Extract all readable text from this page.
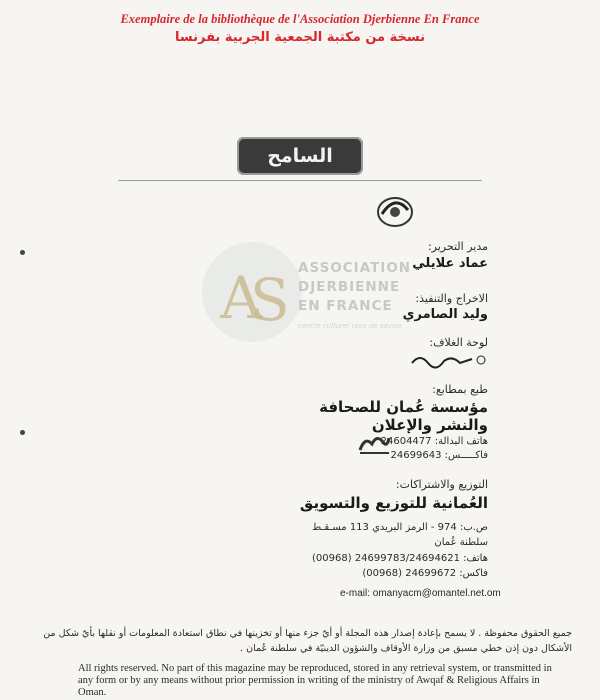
Exemplaire de la bibliothèque de l'Association Djerbienne En France
نسخة من مكتبة الجمعية الجربية بفرنسا
السامح
A
S ASSOCIATION
DJERBIENNE
EN FRANCE
centre culturel rose de savoie
مدير التحرير:
عماد علايلي
الاخراج والتنفيذ:
وليد الصامري
لوحة الغلاف:
طبع بمطابع:
مؤسسة عُمان للصحافة
والنشر والإعلان
هاتف البدالة: 24604477
فاكـــــس: 24699643
التوزيع والاشتراكات:
العُمانية للتوزيع والتسويق
ص.ب: 974 - الرمز البريدي 113 مسـقـط
سلطنة عُمان
هاتف: 24699783/24694621 (00968)
فاكس: 24699672 (00968)
e-mail: omanyacm@omantel.net.om
جميع الحقوق محفوظة . لا يسمح بإعادة إصدار هذه المجلة أو أيّ جزء منها أو تخزينها في نطاق استعادة المعلومات أو نقلها بأيّ شكل من الأشكال دون إذن خطي مسبق من وزارة الأوقاف والشؤون الدينيّة في سلطنة عُمان .
All rights reserved. No part of this magazine may be reproduced, stored in any retrieval system, or transmitted in any form or by any means without prior permission in writing of the ministry of Awqaf & Religious Affairs in Oman.
